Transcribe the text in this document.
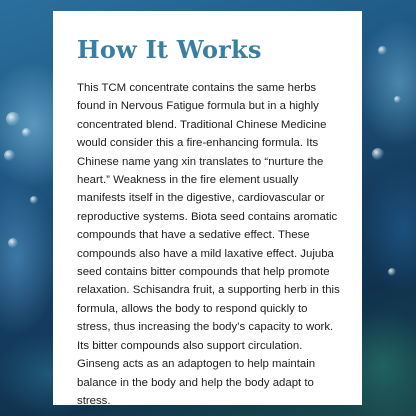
How It Works

This TCM concentrate contains the same herbs found in Nervous Fatigue formula but in a highly concentrated blend. Traditional Chinese Medicine would consider this a fire-enhancing formula. Its Chinese name yang xin translates to “nurture the heart.” Weakness in the fire element usually manifests itself in the digestive, cardiovascular or reproductive systems. Biota seed contains aromatic compounds that have a sedative effect. These compounds also have a mild laxative effect. Jujuba seed contains bitter compounds that help promote relaxation. Schisandra fruit, a supporting herb in this formula, allows the body to respond quickly to stress, thus increasing the body’s capacity to work. Its bitter compounds also support circulation. Ginseng acts as an adaptogen to help maintain balance in the body and help the body adapt to stress.
